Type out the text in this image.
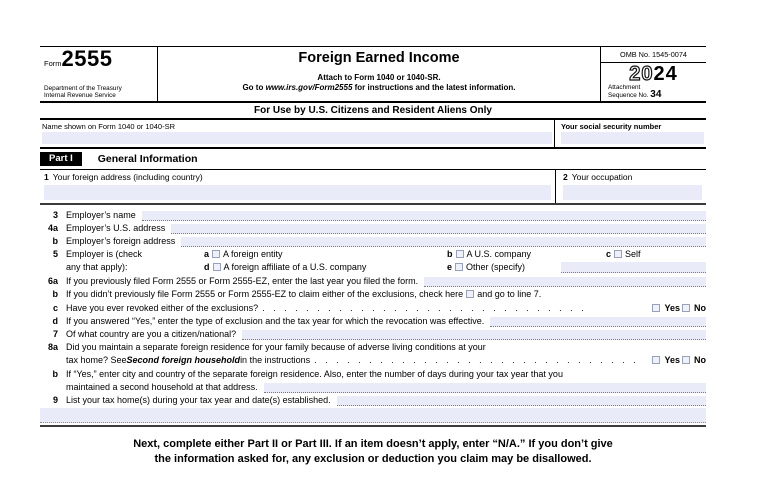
Form2555
Department of the Treasury
Internal Revenue Service
Foreign Earned Income
Attach to Form 1040 or 1040-SR.
Go to www.irs.gov/Form2555 for instructions and the latest information.
OMB No. 1545-0074
2024
Attachment
Sequence No. 34
For Use by U.S. Citizens and Resident Aliens Only
Name shown on Form 1040 or 1040-SR	Your social security number
Part I	General Information
1 Your foreign address (including country)	2 Your occupation
3 Employer’s name
4a Employer’s U.S. address
b Employer’s foreign address
5 Employer is (check
any that apply):
a A foreign entity	b A U.S. company	c Self
d A foreign affiliate of a U.S. company	e Other (specify)
6a If you previously filed Form 2555 or Form 2555-EZ, enter the last year you filed the form.
b If you didn’t previously file Form 2555 or Form 2555-EZ to claim either of the exclusions, check here and go to line 7.
c Have you ever revoked either of the exclusions? . . . . . . . . . . . . . . . . . . . . . . . . . . . . . .	Yes No
d If you answered “Yes,” enter the type of exclusion and the tax year for which the revocation was effective.
7 Of what country are you a citizen/national?
8a Did you maintain a separate foreign residence for your family because of adverse living conditions at your
tax home? See Second foreign household in the instructions . . . . . . . . . . . . . . . . . . . . . . . . . . . . . .	Yes No
b If “Yes,” enter city and country of the separate foreign residence. Also, enter the number of days during your tax year that you
maintained a second household at that address.
9 List your tax home(s) during your tax year and date(s) established.
Next, complete either Part II or Part III. If an item doesn’t apply, enter “N/A.” If you don’t give
the information asked for, any exclusion or deduction you claim may be disallowed.
